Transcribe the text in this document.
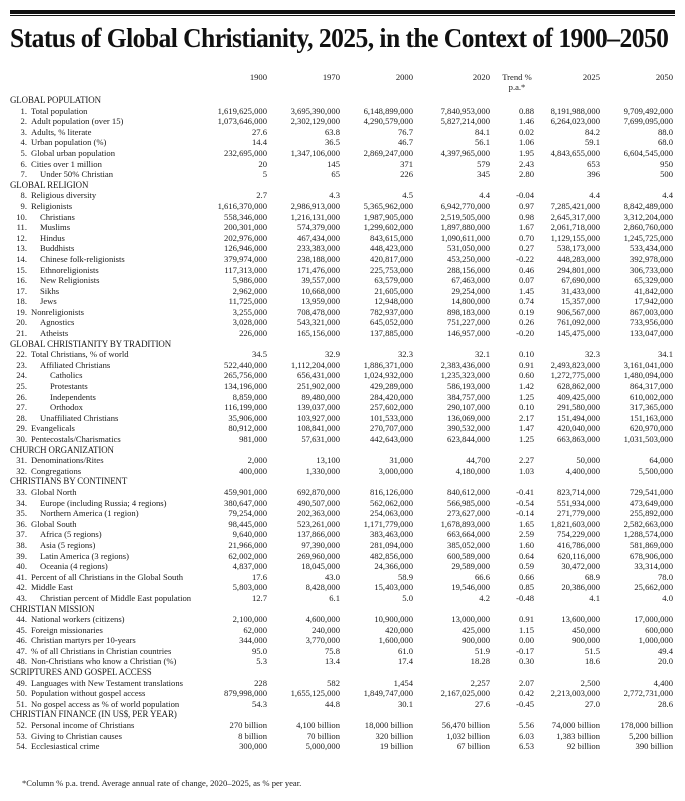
Status of Global Christianity, 2025, in the Context of 1900–2050
	1900	1970	2000	2020	Trend % p.a.*	2025	2050
GLOBAL POPULATION							
1. Total population	1,619,625,000	3,695,390,000	6,148,899,000	7,840,953,000	0.88	8,191,988,000	9,709,492,000
2. Adult population (over 15)	1,073,646,000	2,302,129,000	4,290,579,000	5,827,214,000	1.46	6,264,023,000	7,699,095,000
3. Adults, % literate	27.6	63.8	76.7	84.1	0.02	84.2	88.0
4. Urban population (%)	14.4	36.5	46.7	56.1	1.06	59.1	68.0
5. Global urban population	232,695,000	1,347,106,000	2,869,247,000	4,397,965,000	1.95	4,843,655,000	6,604,545,000
6. Cities over 1 million	20	145	371	579	2.43	653	950
7. Under 50% Christian	5	65	226	345	2.80	396	500
GLOBAL RELIGION							
8. Religious diversity	2.7	4.3	4.5	4.4	-0.04	4.4	4.4
9. Religionists	1,616,370,000	2,986,913,000	5,365,962,000	6,942,770,000	0.97	7,285,421,000	8,842,489,000
10. Christians	558,346,000	1,216,131,000	1,987,905,000	2,519,505,000	0.98	2,645,317,000	3,312,204,000
11. Muslims	200,301,000	574,379,000	1,299,602,000	1,897,880,000	1.67	2,061,718,000	2,860,760,000
12. Hindus	202,976,000	467,434,000	843,615,000	1,090,611,000	0.70	1,129,155,000	1,245,725,000
13. Buddhists	126,946,000	233,383,000	448,423,000	531,050,000	0.27	538,173,000	533,434,000
14. Chinese folk-religionists	379,974,000	238,188,000	420,817,000	453,250,000	-0.22	448,283,000	392,978,000
15. Ethnoreligionists	117,313,000	171,476,000	225,753,000	288,156,000	0.46	294,801,000	306,733,000
16. New Religionists	5,986,000	39,557,000	63,579,000	67,463,000	0.07	67,690,000	65,329,000
17. Sikhs	2,962,000	10,668,000	21,605,000	29,254,000	1.45	31,433,000	41,842,000
18. Jews	11,725,000	13,959,000	12,948,000	14,800,000	0.74	15,357,000	17,942,000
19. Nonreligionists	3,255,000	708,478,000	782,937,000	898,183,000	0.19	906,567,000	867,003,000
20. Agnostics	3,028,000	543,321,000	645,052,000	751,227,000	0.26	761,092,000	733,956,000
21. Atheists	226,000	165,156,000	137,885,000	146,957,000	-0.20	145,475,000	133,047,000
GLOBAL CHRISTIANITY BY TRADITION							
22. Total Christians, % of world	34.5	32.9	32.3	32.1	0.10	32.3	34.1
23. Affiliated Christians	522,440,000	1,112,204,000	1,886,371,000	2,383,436,000	0.91	2,493,823,000	3,161,041,000
24. Catholics	265,756,000	656,431,000	1,024,932,000	1,235,323,000	0.60	1,272,775,000	1,480,094,000
25. Protestants	134,196,000	251,902,000	429,289,000	586,193,000	1.42	628,862,000	864,317,000
26. Independents	8,859,000	89,480,000	284,420,000	384,757,000	1.25	409,425,000	610,002,000
27. Orthodox	116,199,000	139,037,000	257,602,000	290,107,000	0.10	291,580,000	317,365,000
28. Unaffiliated Christians	35,906,000	103,927,000	101,533,000	136,069,000	2.17	151,494,000	151,163,000
29. Evangelicals	80,912,000	108,841,000	270,707,000	390,532,000	1.47	420,040,000	620,970,000
30. Pentecostals/Charismatics	981,000	57,631,000	442,643,000	623,844,000	1.25	663,863,000	1,031,503,000
CHURCH ORGANIZATION							
31. Denominations/Rites	2,000	13,100	31,000	44,700	2.27	50,000	64,000
32. Congregations	400,000	1,330,000	3,000,000	4,180,000	1.03	4,400,000	5,500,000
CHRISTIANS BY CONTINENT							
33. Global North	459,901,000	692,870,000	816,126,000	840,612,000	-0.41	823,714,000	729,541,000
34. Europe (including Russia; 4 regions)	380,647,000	490,507,000	562,062,000	566,985,000	-0.54	551,934,000	473,649,000
35. Northern America (1 region)	79,254,000	202,363,000	254,063,000	273,627,000	-0.14	271,779,000	255,892,000
36. Global South	98,445,000	523,261,000	1,171,779,000	1,678,893,000	1.65	1,821,603,000	2,582,663,000
37. Africa (5 regions)	9,640,000	137,866,000	383,463,000	663,664,000	2.59	754,229,000	1,288,574,000
38. Asia (5 regions)	21,966,000	97,390,000	281,094,000	385,052,000	1.60	416,786,000	581,869,000
39. Latin America (3 regions)	62,002,000	269,960,000	482,856,000	600,589,000	0.64	620,116,000	678,906,000
40. Oceania (4 regions)	4,837,000	18,045,000	24,366,000	29,589,000	0.59	30,472,000	33,314,000
41. Percent of all Christians in the Global South	17.6	43.0	58.9	66.6	0.66	68.9	78.0
42. Middle East	5,803,000	8,428,000	15,403,000	19,546,000	0.85	20,386,000	25,662,000
43. Christian percent of Middle East population	12.7	6.1	5.0	4.2	-0.48	4.1	4.0
CHRISTIAN MISSION							
44. National workers (citizens)	2,100,000	4,600,000	10,900,000	13,000,000	0.91	13,600,000	17,000,000
45. Foreign missionaries	62,000	240,000	420,000	425,000	1.15	450,000	600,000
46. Christian martyrs per 10-years	344,000	3,770,000	1,600,000	900,000	0.00	900,000	1,000,000
47. % of all Christians in Christian countries	95.0	75.8	61.0	51.9	-0.17	51.5	49.4
48. Non-Christians who know a Christian (%)	5.3	13.4	17.4	18.28	0.30	18.6	20.0
SCRIPTURES AND GOSPEL ACCESS							
49. Languages with New Testament translations	228	582	1,454	2,257	2.07	2,500	4,400
50. Population without gospel access	879,998,000	1,655,125,000	1,849,747,000	2,167,025,000	0.42	2,213,003,000	2,772,731,000
51. No gospel access as % of world population	54.3	44.8	30.1	27.6	-0.45	27.0	28.6
CHRISTIAN FINANCE (IN US$, PER YEAR)							
52. Personal income of Christians	270 billion	4,100 billion	18,000 billion	56,470 billion	5.56	74,000 billion	178,000 billion
53. Giving to Christian causes	8 billion	70 billion	320 billion	1,032 billion	6.03	1,383 billion	5,200 billion
54. Ecclesiastical crime	300,000	5,000,000	19 billion	67 billion	6.53	92 billion	390 billion
*Column % p.a. trend. Average annual rate of change, 2020–2025, as % per year.
